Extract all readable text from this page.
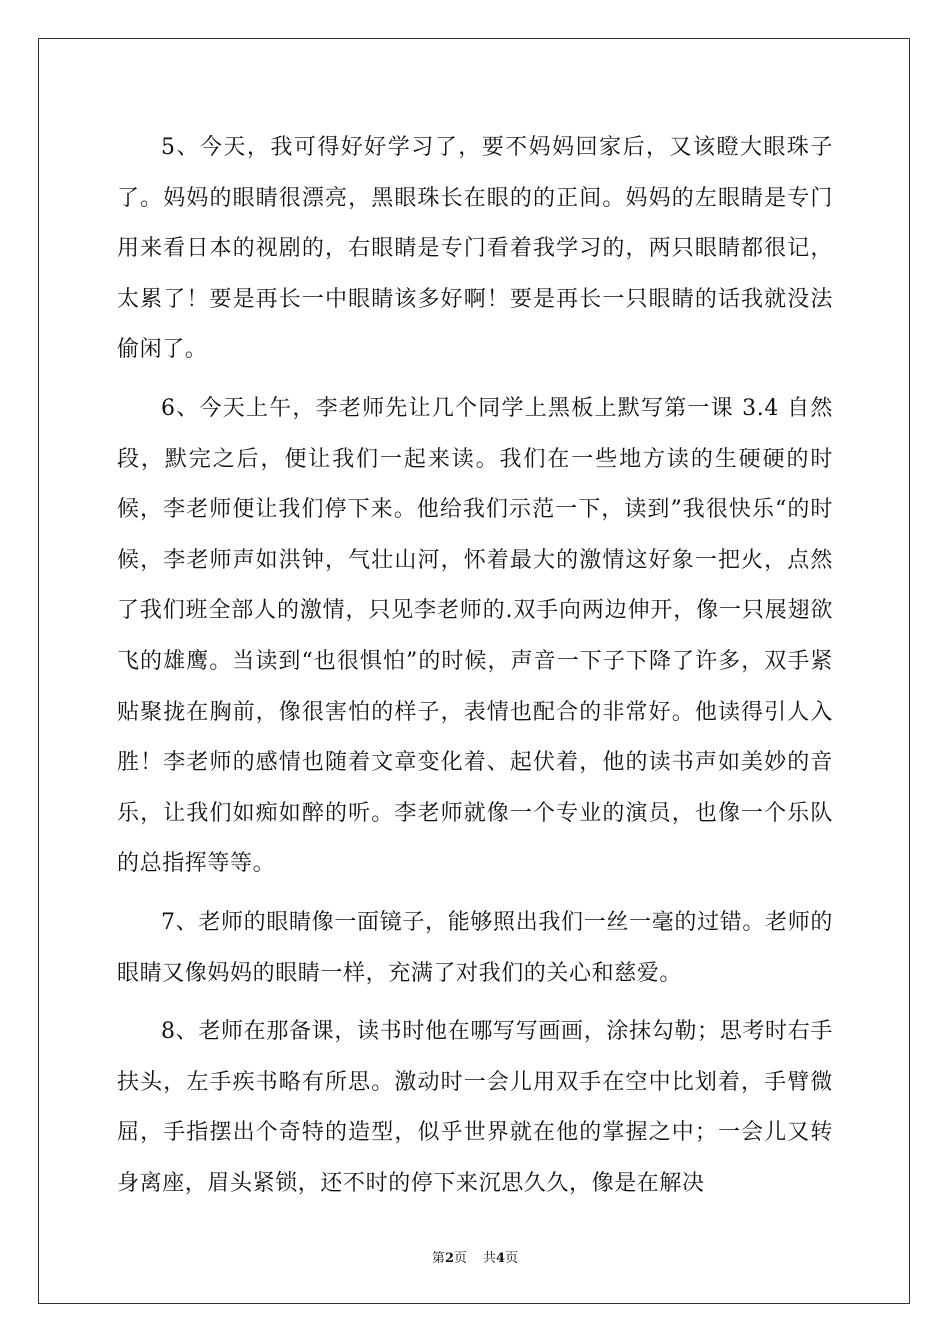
5、今天，我可得好好学习了，要不妈妈回家后，又该瞪大眼珠子了。妈妈的眼睛很漂亮，黑眼珠长在眼的的正间。妈妈的左眼睛是专门用来看日本的视剧的，右眼睛是专门看着我学习的，两只眼睛都很记，太累了！要是再长一中眼睛该多好啊！要是再长一只眼睛的话我就没法偷闲了。

6、今天上午，李老师先让几个同学上黑板上默写第一课 3.4 自然段，默完之后，便让我们一起来读。我们在一些地方读的生硬硬的时候，李老师便让我们停下来。他给我们示范一下，读到”我很快乐“的时候，李老师声如洪钟，气壮山河，怀着最大的激情这好象一把火，点然了我们班全部人的激情，只见李老师的.双手向两边伸开，像一只展翅欲飞的雄鹰。当读到“也很惧怕”的时候，声音一下子下降了许多，双手紧贴聚拢在胸前，像很害怕的样子，表情也配合的非常好。他读得引人入胜！李老师的感情也随着文章变化着、起伏着，他的读书声如美妙的音乐，让我们如痴如醉的听。李老师就像一个专业的演员，也像一个乐队的总指挥等等。

7、老师的眼睛像一面镜子，能够照出我们一丝一毫的过错。老师的眼睛又像妈妈的眼睛一样，充满了对我们的关心和慈爱。

8、老师在那备课，读书时他在哪写写画画，涂抹勾勒；思考时右手扶头，左手疾书略有所思。激动时一会儿用双手在空中比划着，手臂微屈，手指摆出个奇特的造型，似乎世界就在他的掌握之中；一会儿又转身离座，眉头紧锁，还不时的停下来沉思久久，像是在解决

第2页 共4页
